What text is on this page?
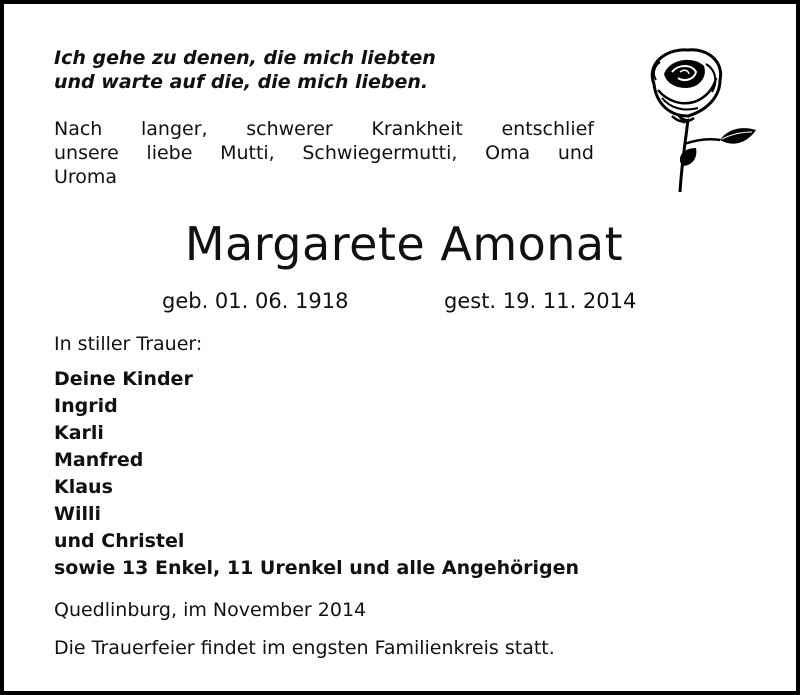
Ich gehe zu denen, die mich liebten
und warte auf die, die mich lieben.
Nach langer, schwerer Krankheit entschlief
unsere liebe Mutti, Schwiegermutti, Oma und
Uroma
Margarete Amonat
geb. 01. 06. 1918	gest. 19. 11. 2014
In stiller Trauer:
Deine Kinder
Ingrid
Karli
Manfred
Klaus
Willi
und Christel
sowie 13 Enkel, 11 Urenkel und alle Angehörigen
Quedlinburg, im November 2014
Die Trauerfeier findet im engsten Familienkreis statt.
